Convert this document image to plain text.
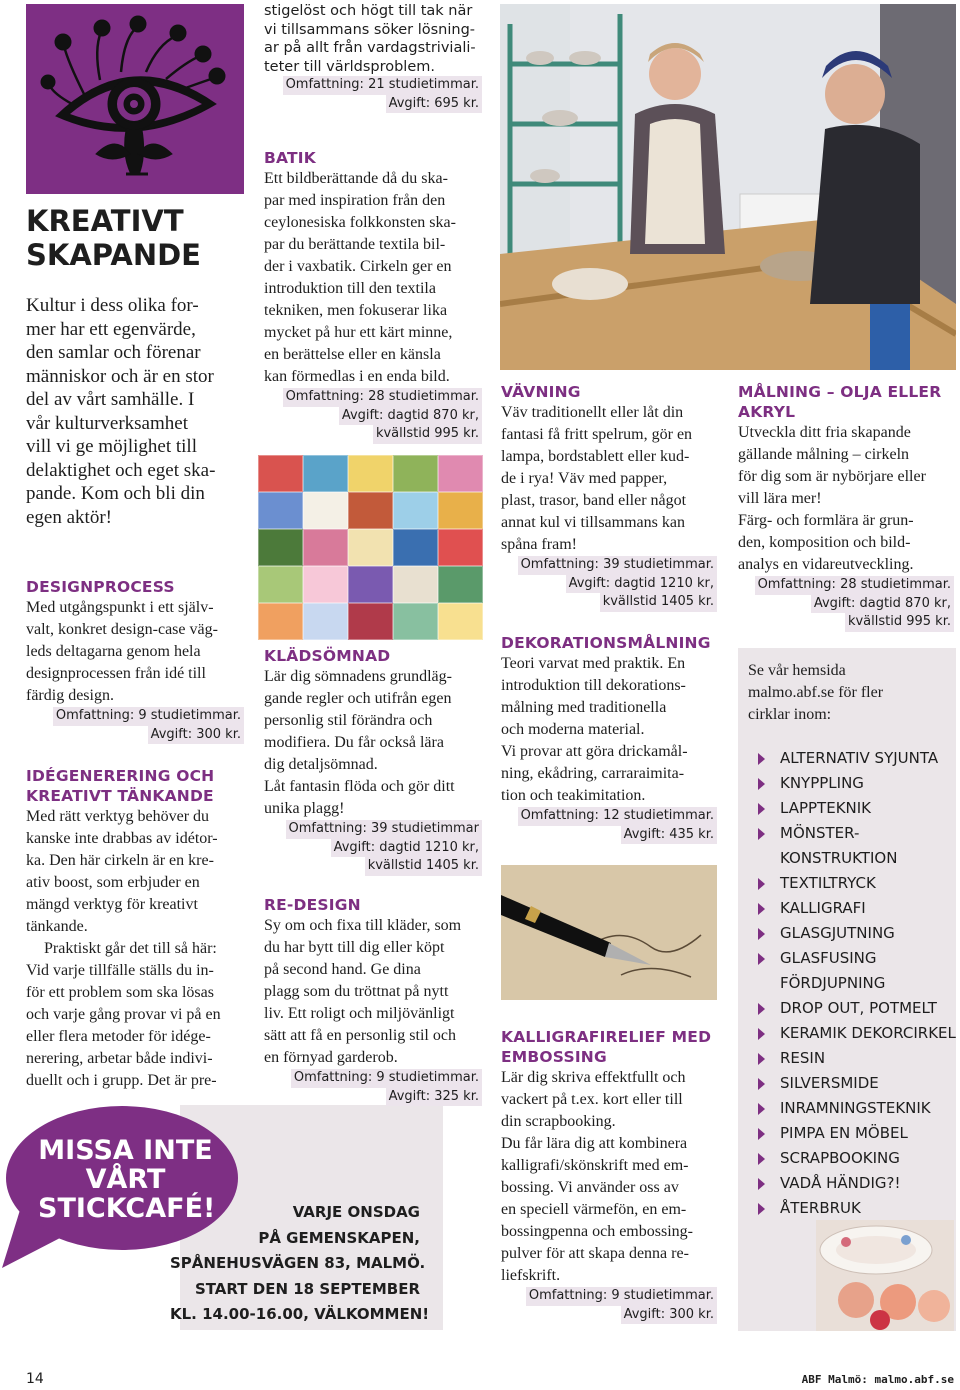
KREATIVT
SKAPANDE
Kultur i dess olika for-
mer har ett egenvärde,
den samlar och förenar
människor och är en stor
del av vårt samhälle. I
vår kulturverksamhet
vill vi ge möjlighet till
delaktighet och eget ska-
pande. Kom och bli din
egen aktör!
DESIGNPROCESS
Med utgångspunkt i ett själv-
valt, konkret design-case väg-
leds deltagarna genom hela
designprocessen från idé till
färdig design.
Omfattning: 9 studietimmar.
Avgift: 300 kr.
IDÉGENERERING OCH
KREATIVT TÄNKANDE
Med rätt verktyg behöver du
kanske inte drabbas av idétor-
ka. Den här cirkeln är en kre-
ativ boost, som erbjuder en
mängd verktyg för kreativt
tänkande.
Praktiskt går det till så här:
Vid varje tillfälle ställs du in-
för ett problem som ska lösas
och varje gång provar vi på en
eller flera metoder för idége-
nerering, arbetar både indivi-
duellt och i grupp. Det är pre-
MISSA INTE
VÅRT
STICKCAFÉ!	VARJE ONSDAG
PÅ GEMENSKAPEN,
SPÅNEHUSVÄGEN 83, MALMÖ.
START DEN 18 SEPTEMBER
KL. 14.00-16.00, VÄLKOMMEN!
stigelöst och högt till tak när
vi tillsammans söker lösning-
ar på allt från vardagstriviali-
teter till världsproblem.
Omfattning: 21 studietimmar.
Avgift: 695 kr.
BATIK
Ett bildberättande då du ska-
par med inspiration från den
ceylonesiska folkkonsten ska-
par du berättande textila bil-
der i vaxbatik. Cirkeln ger en
introduktion till den textila
tekniken, men fokuserar lika
mycket på hur ett kärt minne,
en berättelse eller en känsla
kan förmedlas i en enda bild.
Omfattning: 28 studietimmar.
Avgift: dagtid 870 kr,
kvällstid 995 kr.
KLÄDSÖMNAD
Lär dig sömnadens grundläg-
gande regler och utifrån egen
personlig stil förändra och
modifiera. Du får också lära
dig detaljsömnad.
Låt fantasin flöda och gör ditt
unika plagg!
Omfattning: 39 studietimmar
Avgift: dagtid 1210 kr,
kvällstid 1405 kr.
RE-DESIGN
Sy om och fixa till kläder, som
du har bytt till dig eller köpt
på second hand. Ge dina
plagg som du tröttnat på nytt
liv. Ett roligt och miljövänligt
sätt att få en personlig stil och
en förnyad garderob.
Omfattning: 9 studietimmar.
Avgift: 325 kr.
VÄVNING
Väv traditionellt eller låt din
fantasi få fritt spelrum, gör en
lampa, bordstablett eller kud-
de i rya! Väv med papper,
plast, trasor, band eller något
annat kul vi tillsammans kan
spåna fram!
Omfattning: 39 studietimmar.
Avgift: dagtid 1210 kr,
kvällstid 1405 kr.
DEKORATIONSMÅLNING
Teori varvat med praktik. En
introduktion till dekorations-
målning med traditionella
och moderna material.
Vi provar att göra drickamål-
ning, ekådring, carraraimita-
tion och teakimitation.
Omfattning: 12 studietimmar.
Avgift: 435 kr.
KALLIGRAFIRELIEF MED
EMBOSSING
Lär dig skriva effektfullt och
vackert på t.ex. kort eller till
din scrapbooking.
Du får lära dig att kombinera
kalligrafi/skönskrift med em-
bossing. Vi använder oss av
en speciell värmefön, en em-
bossingpenna och embossing-
pulver för att skapa denna re-
liefskrift.
Omfattning: 9 studietimmar.
Avgift: 300 kr.
MÅLNING – OLJA ELLER
AKRYL
Utveckla ditt fria skapande
gällande målning – cirkeln
för dig som är nybörjare eller
vill lära mer!
Färg- och formlära är grun-
den, komposition och bild-
analys en vidareutveckling.
Omfattning: 28 studietimmar.
Avgift: dagtid 870 kr,
kvällstid 995 kr.
Se vår hemsida
malmo.abf.se för fler
cirklar inom:
ALTERNATIV SYJUNTA
KNYPPLING
LAPPTEKNIK
MÖNSTER-
KONSTRUKTION
TEXTILTRYCK
KALLIGRAFI
GLASGJUTNING
GLASFUSING
FÖRDJUPNING
DROP OUT, POTMELT
KERAMIK DEKORCIRKEL
RESIN
SILVERSMIDE
INRAMNINGSTEKNIK
PIMPA EN MÖBEL
SCRAPBOOKING
VADÅ HÄNDIG?!
ÅTERBRUK
14	ABF Malmö: malmo.abf.se
